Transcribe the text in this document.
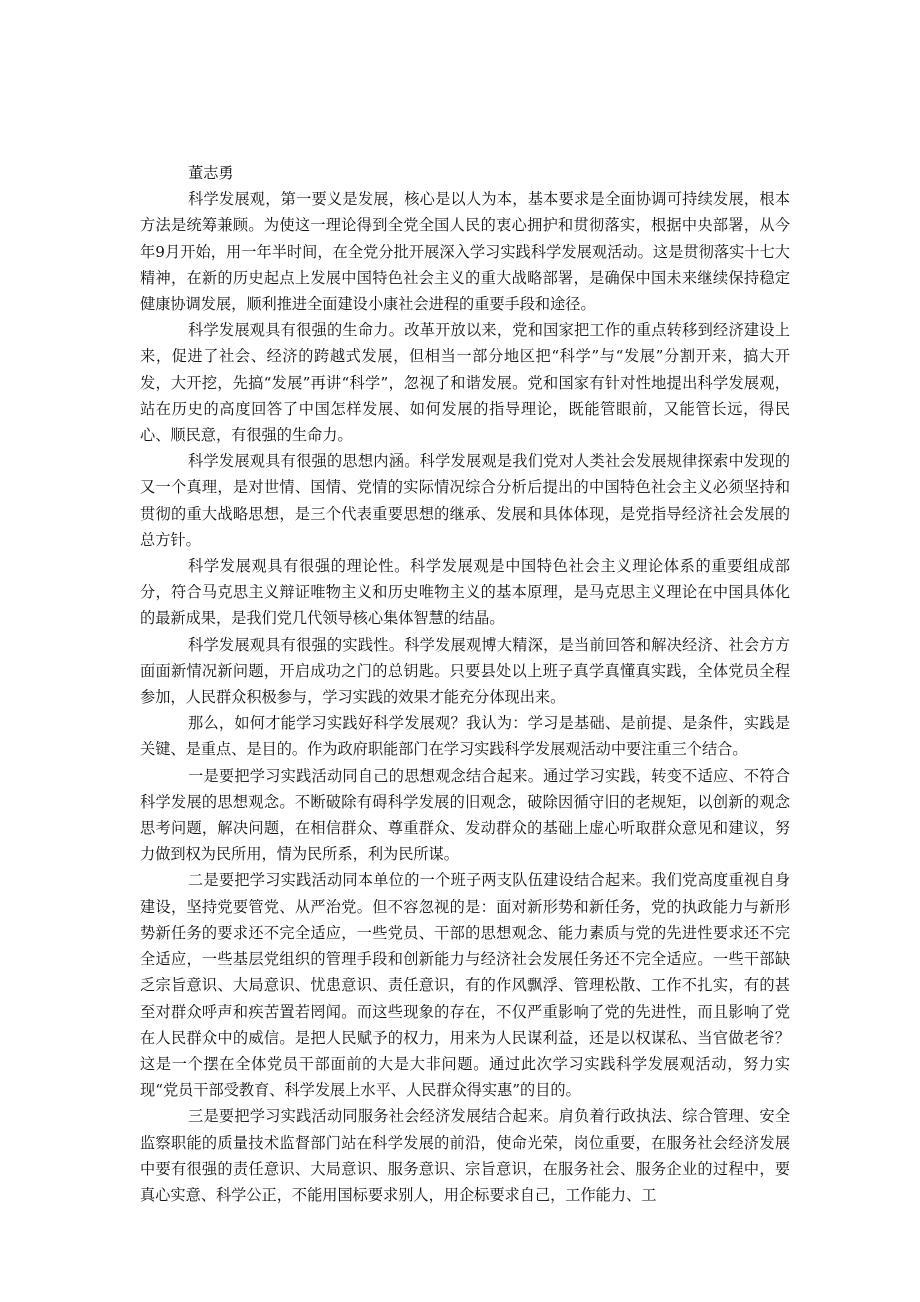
董志勇

科学发展观，第一要义是发展，核心是以人为本，基本要求是全面协调可持续发展，根本方法是统筹兼顾。为使这一理论得到全党全国人民的衷心拥护和贯彻落实，根据中央部署，从今年9月开始，用一年半时间，在全党分批开展深入学习实践科学发展观活动。这是贯彻落实十七大精神，在新的历史起点上发展中国特色社会主义的重大战略部署，是确保中国未来继续保持稳定健康协调发展，顺利推进全面建设小康社会进程的重要手段和途径。

科学发展观具有很强的生命力。改革开放以来，党和国家把工作的重点转移到经济建设上来，促进了社会、经济的跨越式发展，但相当一部分地区把“科学”与“发展”分割开来，搞大开发，大开挖，先搞“发展”再讲“科学”，忽视了和谐发展。党和国家有针对性地提出科学发展观，站在历史的高度回答了中国怎样发展、如何发展的指导理论，既能管眼前，又能管长远，得民心、顺民意，有很强的生命力。

科学发展观具有很强的思想内涵。科学发展观是我们党对人类社会发展规律探索中发现的又一个真理，是对世情、国情、党情的实际情况综合分析后提出的中国特色社会主义必须坚持和贯彻的重大战略思想，是三个代表重要思想的继承、发展和具体体现，是党指导经济社会发展的总方针。

科学发展观具有很强的理论性。科学发展观是中国特色社会主义理论体系的重要组成部分，符合马克思主义辩证唯物主义和历史唯物主义的基本原理，是马克思主义理论在中国具体化的最新成果，是我们党几代领导核心集体智慧的结晶。

科学发展观具有很强的实践性。科学发展观博大精深，是当前回答和解决经济、社会方方面面新情况新问题，开启成功之门的总钥匙。只要县处以上班子真学真懂真实践，全体党员全程参加，人民群众积极参与，学习实践的效果才能充分体现出来。

那么，如何才能学习实践好科学发展观？我认为：学习是基础、是前提、是条件，实践是关键、是重点、是目的。作为政府职能部门在学习实践科学发展观活动中要注重三个结合。

一是要把学习实践活动同自己的思想观念结合起来。通过学习实践，转变不适应、不符合科学发展的思想观念。不断破除有碍科学发展的旧观念，破除因循守旧的老规矩，以创新的观念思考问题，解决问题，在相信群众、尊重群众、发动群众的基础上虚心听取群众意见和建议，努力做到权为民所用，情为民所系，利为民所谋。

二是要把学习实践活动同本单位的一个班子两支队伍建设结合起来。我们党高度重视自身建设，坚持党要管党、从严治党。但不容忽视的是：面对新形势和新任务，党的执政能力与新形势新任务的要求还不完全适应，一些党员、干部的思想观念、能力素质与党的先进性要求还不完全适应，一些基层党组织的管理手段和创新能力与经济社会发展任务还不完全适应。一些干部缺乏宗旨意识、大局意识、忧患意识、责任意识，有的作风飘浮、管理松散、工作不扎实，有的甚至对群众呼声和疾苦置若罔闻。而这些现象的存在，不仅严重影响了党的先进性，而且影响了党在人民群众中的威信。是把人民赋予的权力，用来为人民谋利益，还是以权谋私、当官做老爷？这是一个摆在全体党员干部面前的大是大非问题。通过此次学习实践科学发展观活动，努力实现“党员干部受教育、科学发展上水平、人民群众得实惠”的目的。

三是要把学习实践活动同服务社会经济发展结合起来。肩负着行政执法、综合管理、安全监察职能的质量技术监督部门站在科学发展的前沿，使命光荣，岗位重要，在服务社会经济发展中要有很强的责任意识、大局意识、服务意识、宗旨意识，在服务社会、服务企业的过程中，要真心实意、科学公正，不能用国标要求别人，用企标要求自己，工作能力、工
